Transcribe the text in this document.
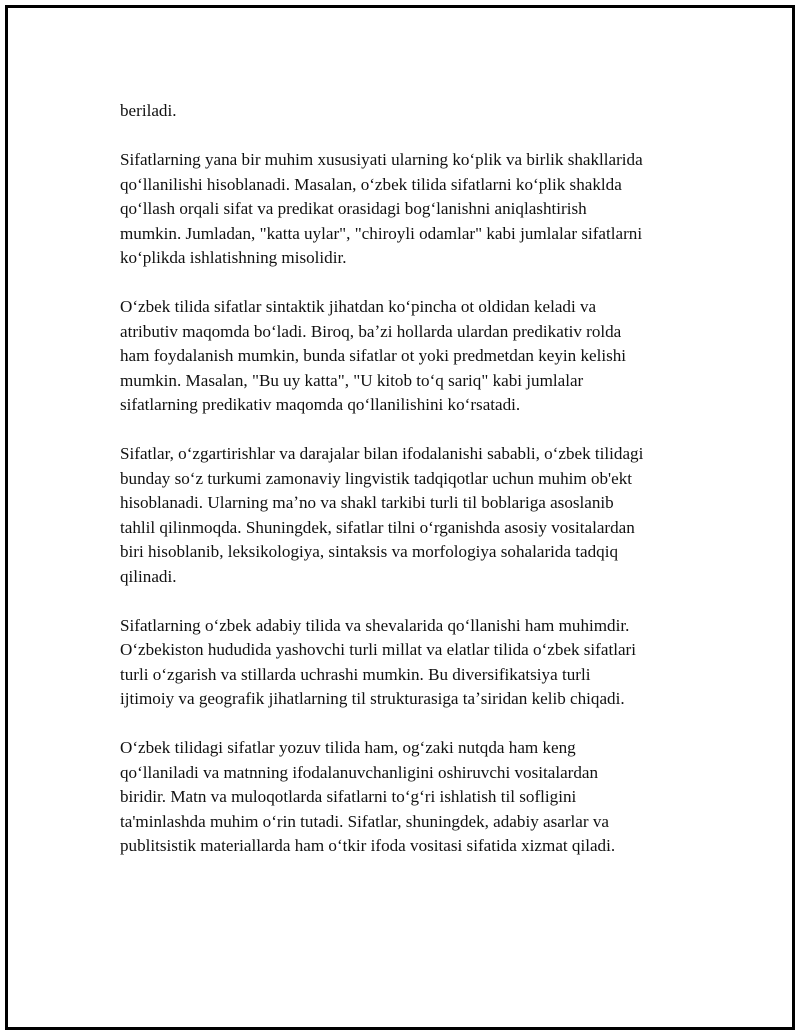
beriladi.

Sifatlarning yana bir muhim xususiyati ularning koʻplik va birlik shakllarida
qoʻllanilishi hisoblanadi. Masalan, oʻzbek tilida sifatlarni koʻplik shaklda
qoʻllash orqali sifat va predikat orasidagi bogʻlanishni aniqlashtirish
mumkin. Jumladan, "katta uylar", "chiroyli odamlar" kabi jumlalar sifatlarni
koʻplikda ishlatishning misolidir.

Oʻzbek tilida sifatlar sintaktik jihatdan koʻpincha ot oldidan keladi va
atributiv maqomda boʻladi. Biroq, baʼzi hollarda ulardan predikativ rolda
ham foydalanish mumkin, bunda sifatlar ot yoki predmetdan keyin kelishi
mumkin. Masalan, "Bu uy katta", "U kitob toʻq sariq" kabi jumlalar
sifatlarning predikativ maqomda qoʻllanilishini koʻrsatadi.

Sifatlar, oʻzgartirishlar va darajalar bilan ifodalanishi sababli, oʻzbek tilidagi
bunday soʻz turkumi zamonaviy lingvistik tadqiqotlar uchun muhim ob'ekt
hisoblanadi. Ularning maʼno va shakl tarkibi turli til boblariga asoslanib
tahlil qilinmoqda. Shuningdek, sifatlar tilni oʻrganishda asosiy vositalardan
biri hisoblanib, leksikologiya, sintaksis va morfologiya sohalarida tadqiq
qilinadi.

Sifatlarning oʻzbek adabiy tilida va shevalarida qoʻllanishi ham muhimdir.
Oʻzbekiston hududida yashovchi turli millat va elatlar tilida oʻzbek sifatlari
turli oʻzgarish va stillarda uchrashi mumkin. Bu diversifikatsiya turli
ijtimoiy va geografik jihatlarning til strukturasiga taʼsiridan kelib chiqadi.

Oʻzbek tilidagi sifatlar yozuv tilida ham, ogʻzaki nutqda ham keng
qoʻllaniladi va matnning ifodalanuvchanligini oshiruvchi vositalardan
biridir. Matn va muloqotlarda sifatlarni toʻgʻri ishlatish til sofligini
ta'minlashda muhim oʻrin tutadi. Sifatlar, shuningdek, adabiy asarlar va
publitsistik materiallarda ham oʻtkir ifoda vositasi sifatida xizmat qiladi.
